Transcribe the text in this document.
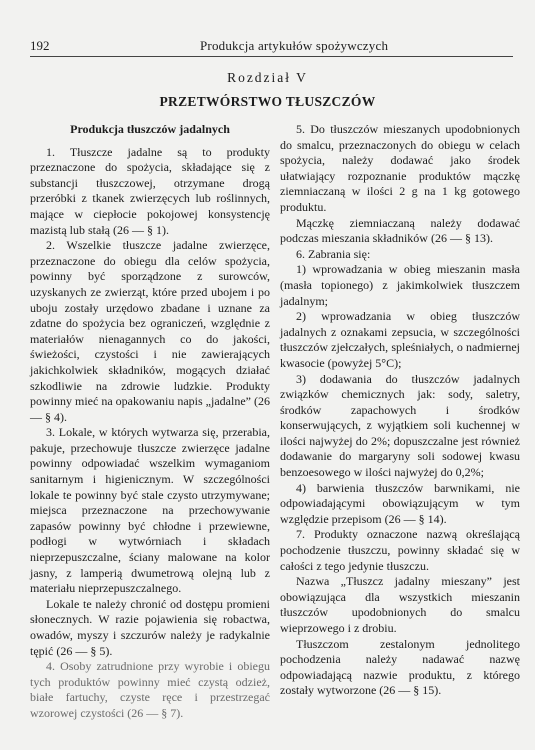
192	Produkcja artykułów spożywczych
Rozdział V
PRZETWÓRSTWO TŁUSZCZÓW

Produkcja tłuszczów jadalnych

1. Tłuszcze jadalne są to produkty przeznaczone do spożycia, składające się z substancji tłuszczowej, otrzymane drogą przeróbki z tkanek zwierzęcych lub roślinnych, mające w ciepłocie pokojowej konsystencję mazistą lub stałą (26 — § 1).

2. Wszelkie tłuszcze jadalne zwierzęce, przeznaczone do obiegu dla celów spożycia, powinny być sporządzone z surowców, uzyskanych ze zwierząt, które przed ubojem i po uboju zostały urzędowo zbadane i uznane za zdatne do spożycia bez ograniczeń, względnie z materiałów nienagannych co do jakości, świeżości, czystości i nie zawierających jakichkolwiek składników, mogących działać szkodliwie na zdrowie ludzkie. Produkty powinny mieć na opakowaniu napis „jadalne” (26 — § 4).

3. Lokale, w których wytwarza się, przerabia, pakuje, przechowuje tłuszcze zwierzęce jadalne powinny odpowiadać wszelkim wymaganiom sanitarnym i higienicznym. W szczególności lokale te powinny być stale czysto utrzymywane; miejsca przeznaczone na przechowywanie zapasów powinny być chłodne i przewiewne, podłogi w wytwórniach i składach nieprzepuszczalne, ściany malowane na kolor jasny, z lamperią dwumetrową olejną lub z materiału nieprzepuszczalnego.

Lokale te należy chronić od dostępu promieni słonecznych. W razie pojawienia się robactwa, owadów, myszy i szczurów należy je radykalnie tępić (26 — § 5).

4. Osoby zatrudnione przy wyrobie i obiegu tych produktów powinny mieć czystą odzież, białe fartuchy, czyste ręce i przestrzegać wzorowej czystości (26 — § 7).

5. Do tłuszczów mieszanych upodobnionych do smalcu, przeznaczonych do obiegu w celach spożycia, należy dodawać jako środek ułatwiający rozpoznanie produktów mączkę ziemniaczaną w ilości 2 g na 1 kg gotowego produktu.

Mączkę ziemniaczaną należy dodawać podczas mieszania składników (26 — § 13).

6. Zabrania się:

1) wprowadzania w obieg mieszanin masła (masła topionego) z jakimkolwiek tłuszczem jadalnym;

2) wprowadzania w obieg tłuszczów jadalnych z oznakami zepsucia, w szczególności tłuszczów zjełczałych, spleśniałych, o nadmiernej kwasocie (powyżej 5°C);

3) dodawania do tłuszczów jadalnych związków chemicznych jak: sody, saletry, środków zapachowych i środków konserwujących, z wyjątkiem soli kuchennej w ilości najwyżej do 2%; dopuszczalne jest również dodawanie do margaryny soli sodowej kwasu benzoesowego w ilości najwyżej do 0,2%;

4) barwienia tłuszczów barwnikami, nie odpowiadającymi obowiązującym w tym względzie przepisom (26 — § 14).

7. Produkty oznaczone nazwą określającą pochodzenie tłuszczu, powinny składać się w całości z tego jedynie tłuszczu.

Nazwa „Tłuszcz jadalny mieszany” jest obowiązująca dla wszystkich mieszanin tłuszczów upodobnionych do smalcu wieprzowego i z drobiu.

Tłuszczom zestalonym jednolitego pochodzenia należy nadawać nazwę odpowiadającą nazwie produktu, z którego zostały wytworzone (26 — § 15).
